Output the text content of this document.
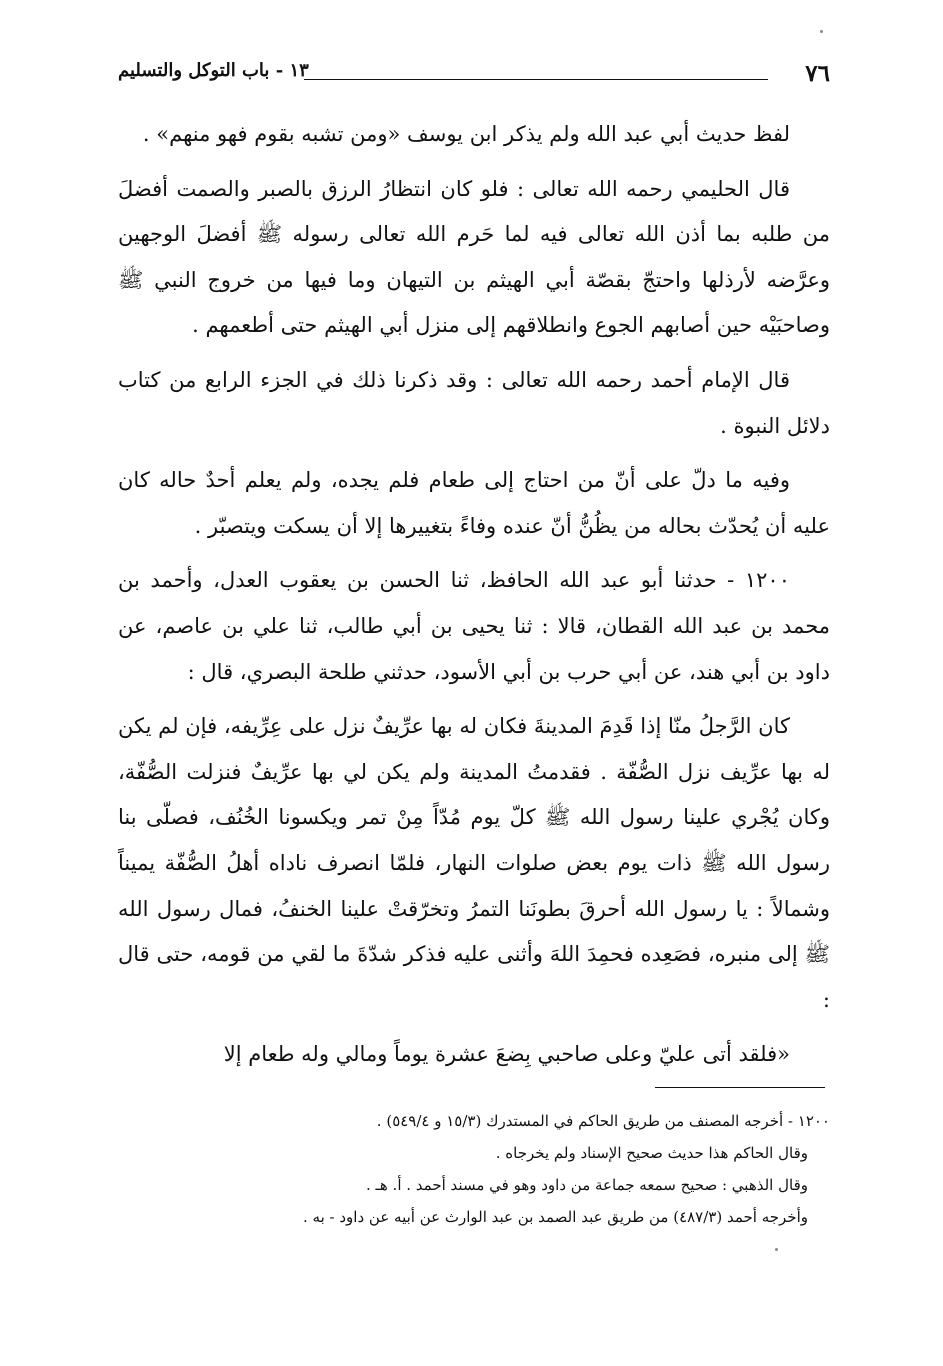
٧٦
١٣ - باب التوكل والتسليم

لفظ حديث أبي عبد الله ولم يذكر ابن يوسف «ومن تشبه بقوم فهو منهم» .

قال الحليمي رحمه الله تعالى : فلو كان انتظارُ الرزق بالصبر والصمت أفضلَ من طلبه بما أذن الله تعالى فيه لما حَرم الله تعالى رسوله ﷺ أفضلَ الوجهين وعرَّضه لأرذلها واحتجّ بقصّة أبي الهيثم بن التيهان وما فيها من خروج النبي ﷺ وصاحبَيْه حين أصابهم الجوع وانطلاقهم إلى منزل أبي الهيثم حتى أطعمهم .

قال الإمام أحمد رحمه الله تعالى : وقد ذكرنا ذلك في الجزء الرابع من كتاب دلائل النبوة .

وفيه ما دلّ على أنّ من احتاج إلى طعام فلم يجده، ولم يعلم أحدٌ حاله كان عليه أن يُحدّث بحاله من يظُنُّ أنّ عنده وفاءً بتغييرها إلا أن يسكت ويتصبّر .

١٢٠٠ - حدثنا أبو عبد الله الحافظ، ثنا الحسن بن يعقوب العدل، وأحمد بن محمد بن عبد الله القطان، قالا : ثنا يحيى بن أبي طالب، ثنا علي بن عاصم، عن داود بن أبي هند، عن أبي حرب بن أبي الأسود، حدثني طلحة البصري، قال :

كان الرَّجلُ منّا إذا قَدِمَ المدينةَ فكان له بها عرِّيفٌ نزل على عِرِّيفه، فإن لم يكن له بها عرِّيف نزل الصُّفّة . فقدمتُ المدينة ولم يكن لي بها عرِّيفٌ فنزلت الصُّفّة، وكان يُجْري علينا رسول الله ﷺ كلّ يوم مُدّاً مِنْ تمر ويكسونا الخُنُف، فصلّى بنا رسول الله ﷺ ذات يوم بعض صلوات النهار، فلمّا انصرف ناداه أهلُ الصُّفّة يميناً وشمالاً : يا رسول الله أحرقَ بطونَنا التمرُ وتخرّقتْ علينا الخنفُ، فمال رسول الله ﷺ إلى منبره، فصَعِده فحمِدَ اللهَ وأثنى عليه فذكر شدّةَ ما لقي من قومه، حتى قال :

«فلقد أتى عليّ وعلى صاحبي بِضعَ عشرة يوماً ومالي وله طعام إلا

١٢٠٠ - أخرجه المصنف من طريق الحاكم في المستدرك (١٥/٣ و ٥٤٩/٤) .

وقال الحاكم هذا حديث صحيح الإسناد ولم يخرجاه .

وقال الذهبي : صحيح سمعه جماعة من داود وهو في مسند أحمد . أ. هـ .

وأخرجه أحمد (٤٨٧/٣) من طريق عبد الصمد بن عبد الوارث عن أبيه عن داود - به .
